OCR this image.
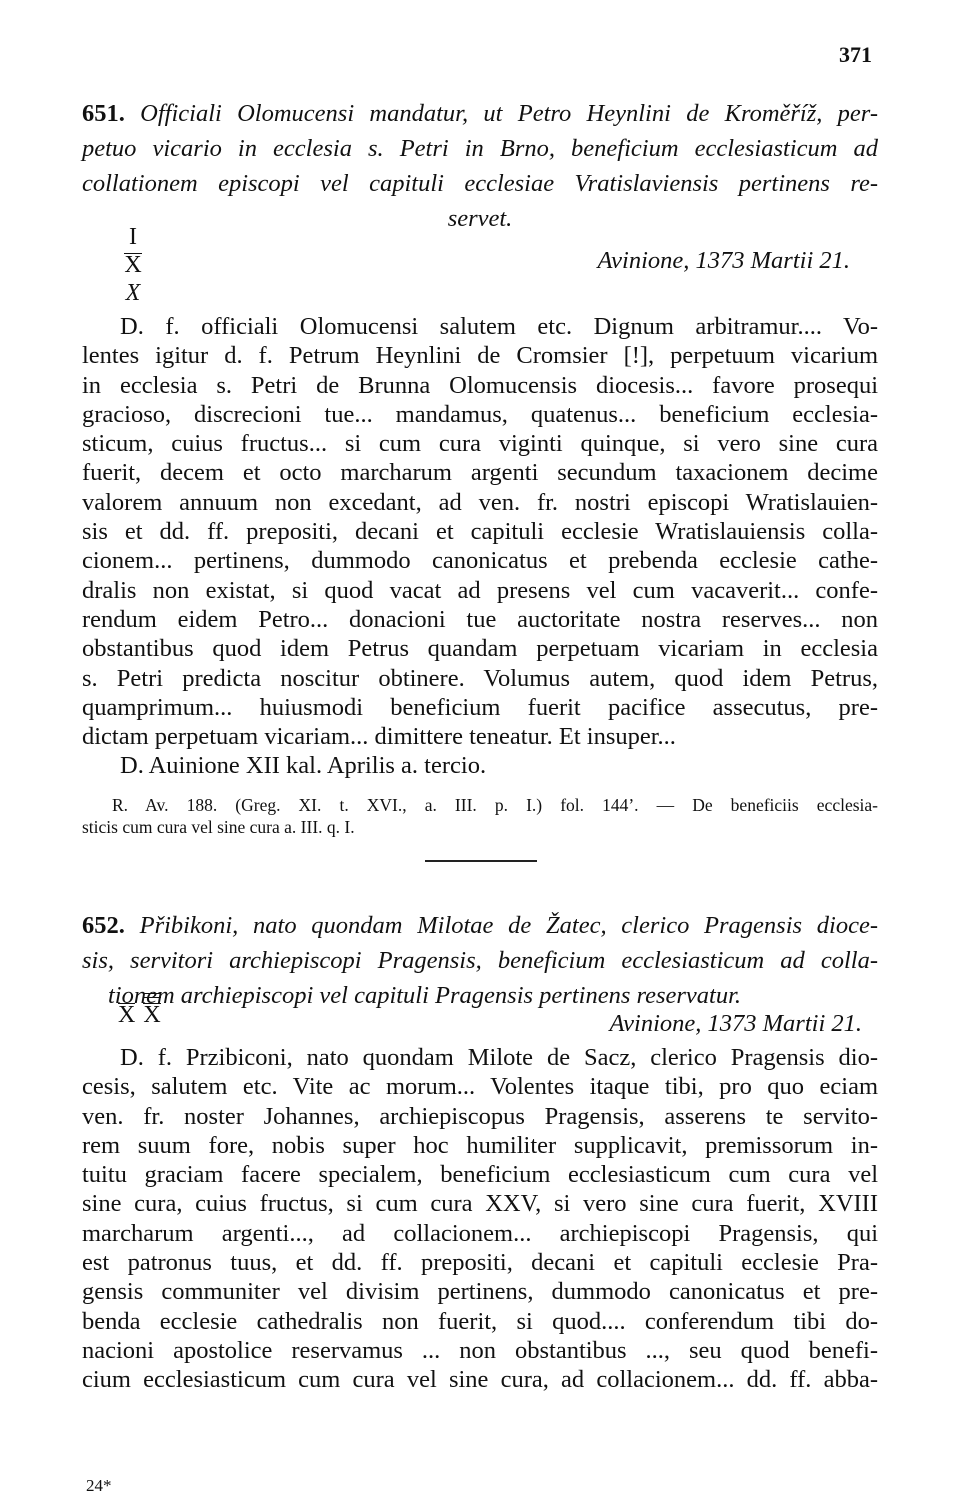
371
651. Officiali Olomucensi mandatur, ut Petro Heynlini de Kroměříž, per-
petuo vicario in ecclesia s. Petri in Brno, beneficium ecclesiasticum ad
collationem episcopi vel capituli ecclesiae Vratislaviensis pertinens re-
servet.
I
X
X
Avinione, 1373 Martii 21.
D. f. officiali Olomucensi salutem etc. Dignum arbitramur.... Vo-
lentes igitur d. f. Petrum Heynlini de Cromsier [!], perpetuum vicarium
in ecclesia s. Petri de Brunna Olomucensis diocesis... favore prosequi
gracioso, discrecioni tue... mandamus, quatenus... beneficium ecclesia-
sticum, cuius fructus... si cum cura viginti quinque, si vero sine cura
fuerit, decem et octo marcharum argenti secundum taxacionem decime
valorem annuum non excedant, ad ven. fr. nostri episcopi Wratislauien-
sis et dd. ff. prepositi, decani et capituli ecclesie Wratislauiensis colla-
cionem... pertinens, dummodo canonicatus et prebenda ecclesie cathe-
dralis non existat, si quod vacat ad presens vel cum vacaverit... confe-
rendum eidem Petro... donacioni tue auctoritate nostra reserves... non
obstantibus quod idem Petrus quandam perpetuam vicariam in ecclesia
s. Petri predicta noscitur obtinere. Volumus autem, quod idem Petrus,
quamprimum... huiusmodi beneficium fuerit pacifice assecutus, pre-
dictam perpetuam vicariam... dimittere teneatur. Et insuper...
D. Auinione XII kal. Aprilis a. tercio.
R. Av. 188. (Greg. XI. t. XVI., a. III. p. I.) fol. 144’. — De beneficiis ecclesia-
sticis cum cura vel sine cura a. III. q. I.
652. Přibikoni, nato quondam Milotae de Žatec, clerico Pragensis dioce-
sis, servitori archiepiscopi Pragensis, beneficium ecclesiasticum ad colla-
tionem archiepiscopi vel capituli Pragensis pertinens reservatur.
X X	Avinione, 1373 Martii 21.
D. f. Przibiconi, nato quondam Milote de Sacz, clerico Pragensis dio-
cesis, salutem etc. Vite ac morum... Volentes itaque tibi, pro quo eciam
ven. fr. noster Johannes, archiepiscopus Pragensis, asserens te servito-
rem suum fore, nobis super hoc humiliter supplicavit, premissorum in-
tuitu graciam facere specialem, beneficium ecclesiasticum cum cura vel
sine cura, cuius fructus, si cum cura XXV, si vero sine cura fuerit, XVIII
marcharum argenti..., ad collacionem... archiepiscopi Pragensis, qui
est patronus tuus, et dd. ff. prepositi, decani et capituli ecclesie Pra-
gensis communiter vel divisim pertinens, dummodo canonicatus et pre-
benda ecclesie cathedralis non fuerit, si quod.... conferendum tibi do-
nacioni apostolice reservamus ... non obstantibus ..., seu quod benefi-
cium ecclesiasticum cum cura vel sine cura, ad collacionem... dd. ff. abba-
24*
